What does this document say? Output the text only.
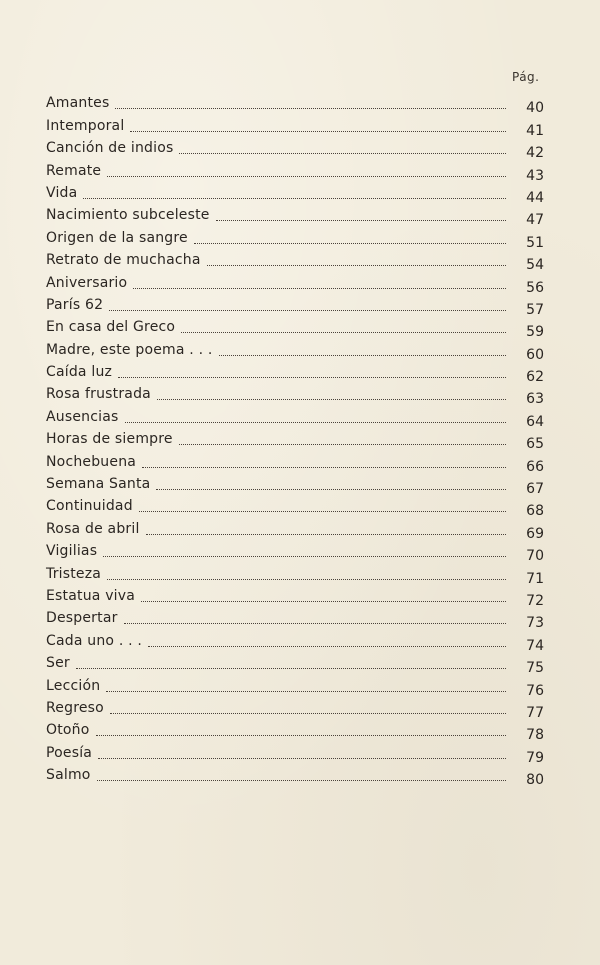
Pág.
Amantes	40
Intemporal	41
Canción de indios	42
Remate	43
Vida	44
Nacimiento subceleste	47
Origen de la sangre	51
Retrato de muchacha	54
Aniversario	56
París 62	57
En casa del Greco	59
Madre, este poema . . .	60
Caída luz	62
Rosa frustrada	63
Ausencias	64
Horas de siempre	65
Nochebuena	66
Semana Santa	67
Continuidad	68
Rosa de abril	69
Vigilias	70
Tristeza	71
Estatua viva	72
Despertar	73
Cada uno . . .	74
Ser	75
Lección	76
Regreso	77
Otoño	78
Poesía	79
Salmo	80
